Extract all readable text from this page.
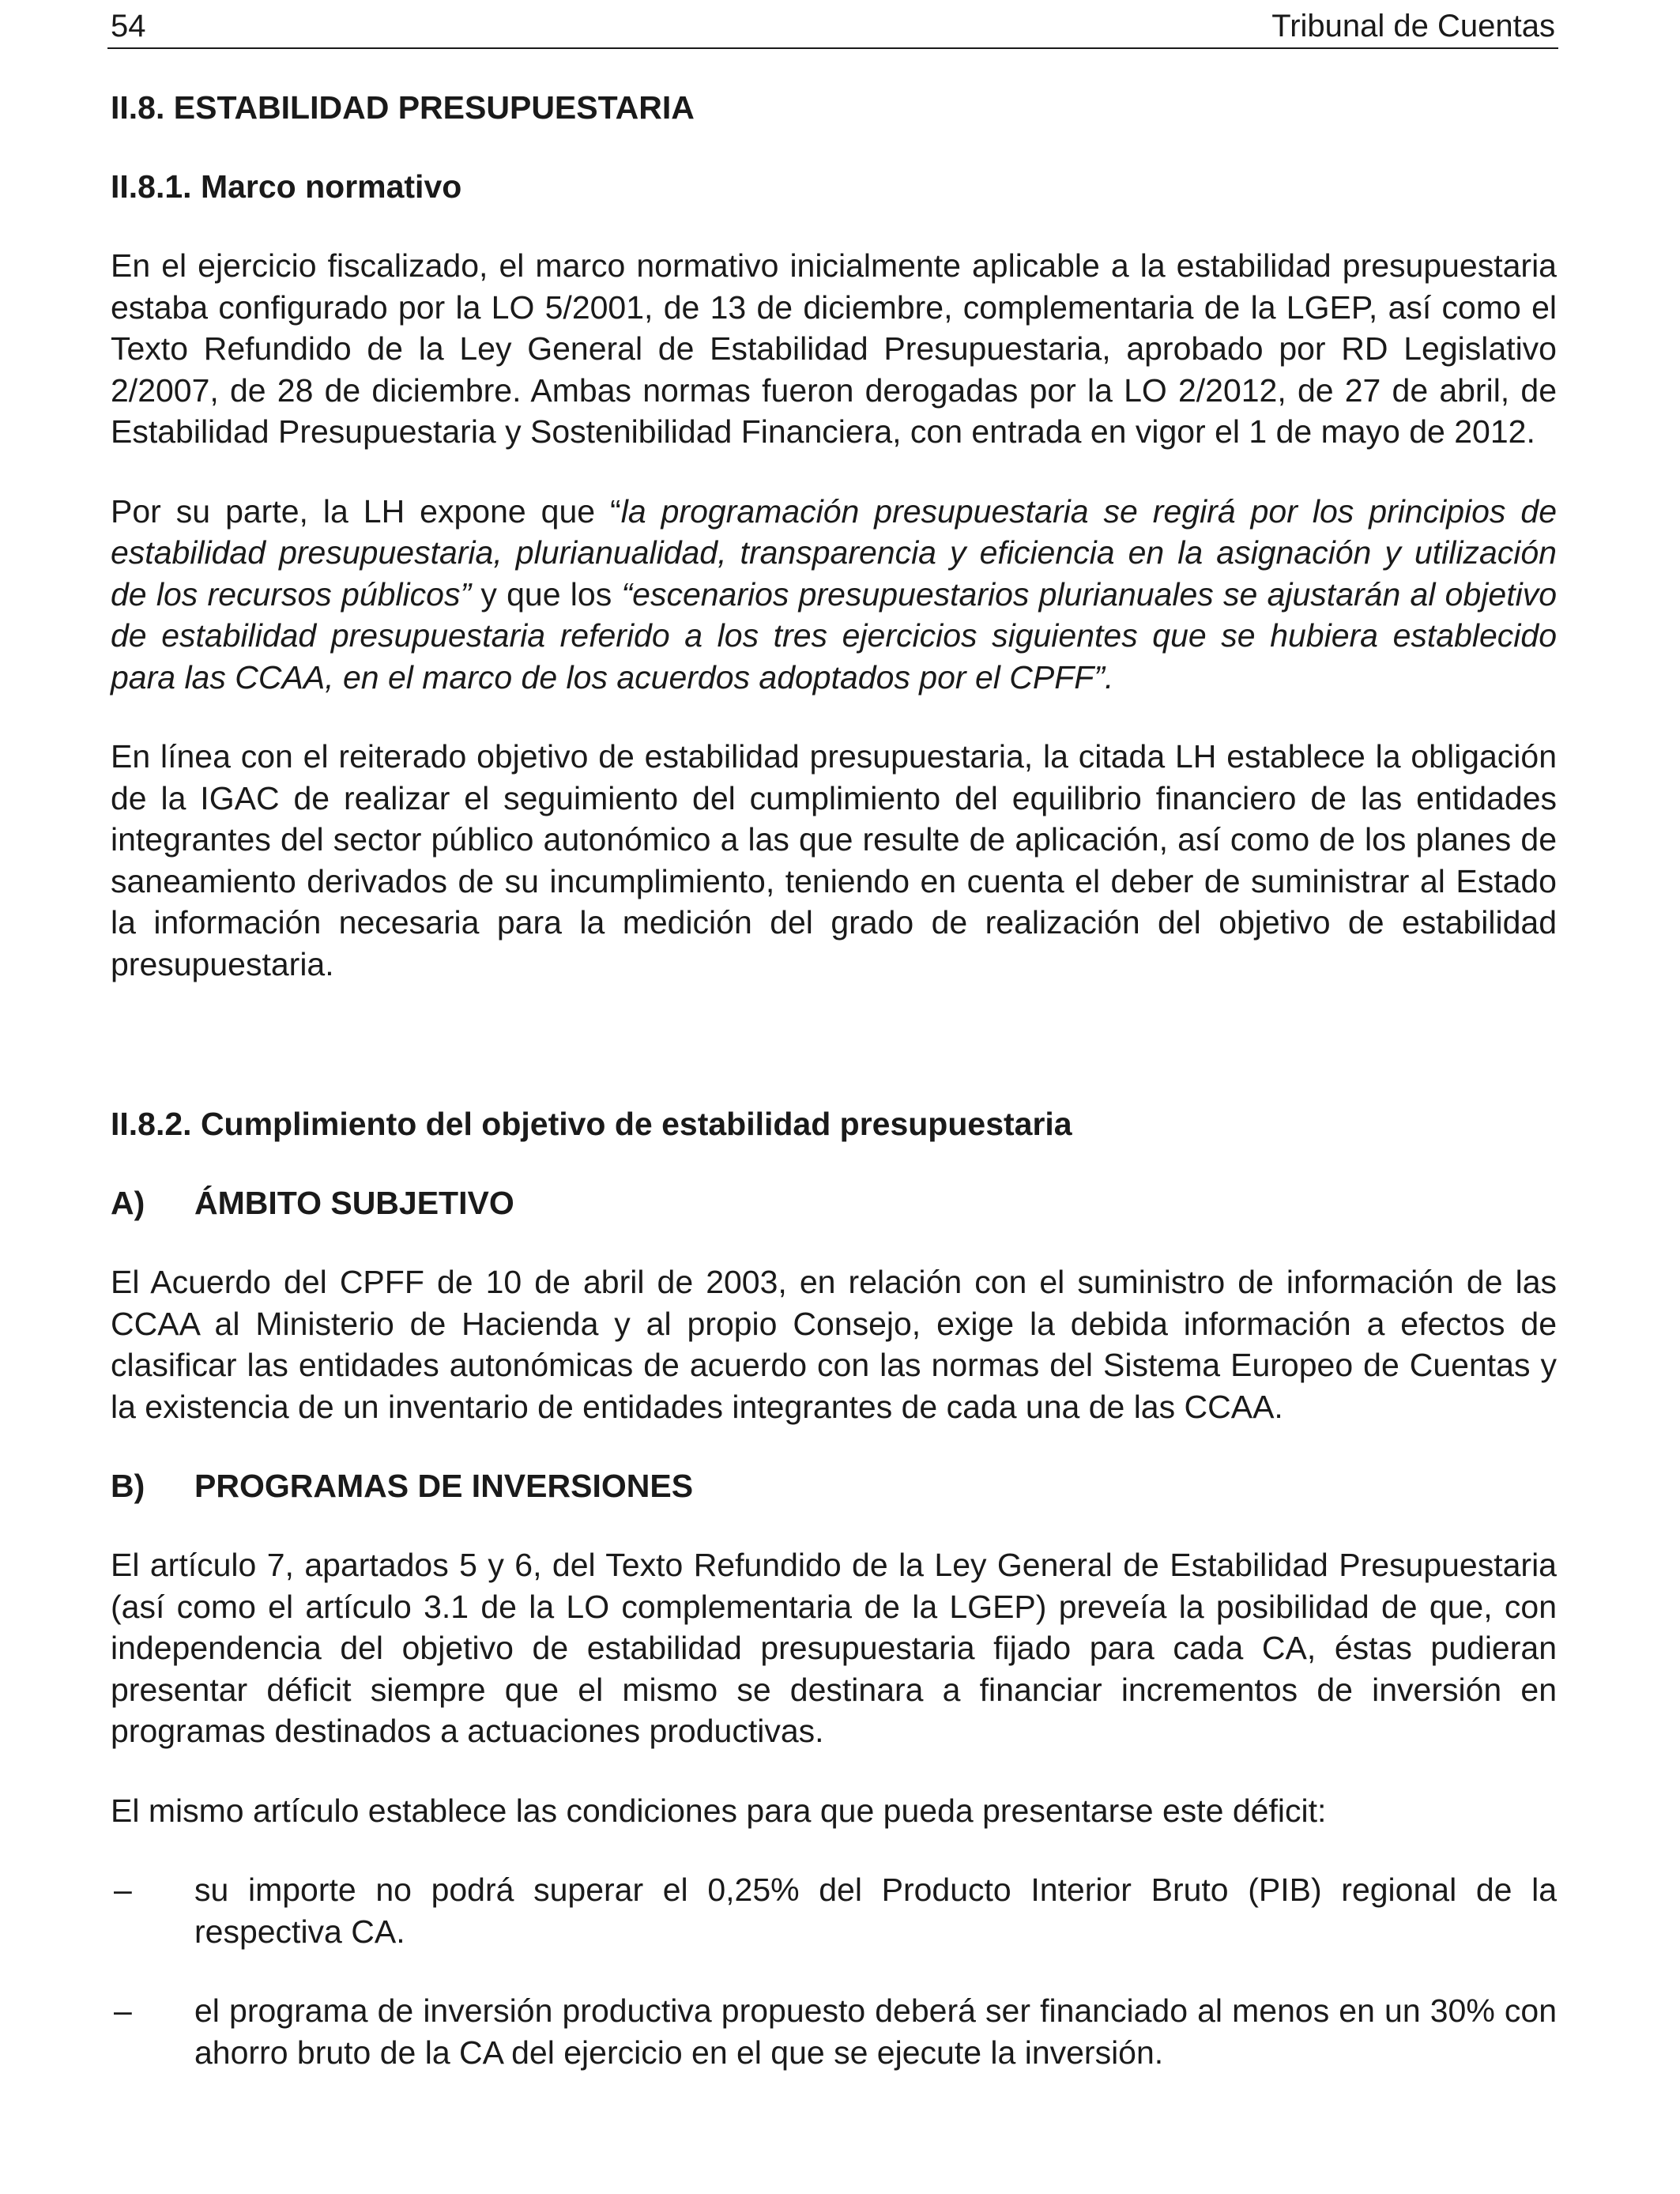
54	Tribunal de Cuentas

II.8. ESTABILIDAD PRESUPUESTARIA

II.8.1. Marco normativo

En el ejercicio fiscalizado, el marco normativo inicialmente aplicable a la estabilidad presupuestaria estaba configurado por la LO 5/2001, de 13 de diciembre, complementaria de la LGEP, así como el Texto Refundido de la Ley General de Estabilidad Presupuestaria, aprobado por RD Legislativo 2/2007, de 28 de diciembre. Ambas normas fueron derogadas por la LO 2/2012, de 27 de abril, de Estabilidad Presupuestaria y Sostenibilidad Financiera, con entrada en vigor el 1 de mayo de 2012.

Por su parte, la LH expone que “la programación presupuestaria se regirá por los principios de estabilidad presupuestaria, plurianualidad, transparencia y eficiencia en la asignación y utilización de los recursos públicos” y que los “escenarios presupuestarios plurianuales se ajustarán al objetivo de estabilidad presupuestaria referido a los tres ejercicios siguientes que se hubiera establecido para las CCAA, en el marco de los acuerdos adoptados por el CPFF”.

En línea con el reiterado objetivo de estabilidad presupuestaria, la citada LH establece la obligación de la IGAC de realizar el seguimiento del cumplimiento del equilibrio financiero de las entidades integrantes del sector público autonómico a las que resulte de aplicación, así como de los planes de saneamiento derivados de su incumplimiento, teniendo en cuenta el deber de suministrar al Estado la información necesaria para la medición del grado de realización del objetivo de estabilidad presupuestaria.

II.8.2. Cumplimiento del objetivo de estabilidad presupuestaria

A)	ÁMBITO SUBJETIVO

El Acuerdo del CPFF de 10 de abril de 2003, en relación con el suministro de información de las CCAA al Ministerio de Hacienda y al propio Consejo, exige la debida información a efectos de clasificar las entidades autonómicas de acuerdo con las normas del Sistema Europeo de Cuentas y la existencia de un inventario de entidades integrantes de cada una de las CCAA.

B)	PROGRAMAS DE INVERSIONES

El artículo 7, apartados 5 y 6, del Texto Refundido de la Ley General de Estabilidad Presupuestaria (así como el artículo 3.1 de la LO complementaria de la LGEP) preveía la posibilidad de que, con independencia del objetivo de estabilidad presupuestaria fijado para cada CA, éstas pudieran presentar déficit siempre que el mismo se destinara a financiar incrementos de inversión en programas destinados a actuaciones productivas.

El mismo artículo establece las condiciones para que pueda presentarse este déficit:

–	su importe no podrá superar el 0,25% del Producto Interior Bruto (PIB) regional de la respectiva CA.
–	el programa de inversión productiva propuesto deberá ser financiado al menos en un 30% con ahorro bruto de la CA del ejercicio en el que se ejecute la inversión.
